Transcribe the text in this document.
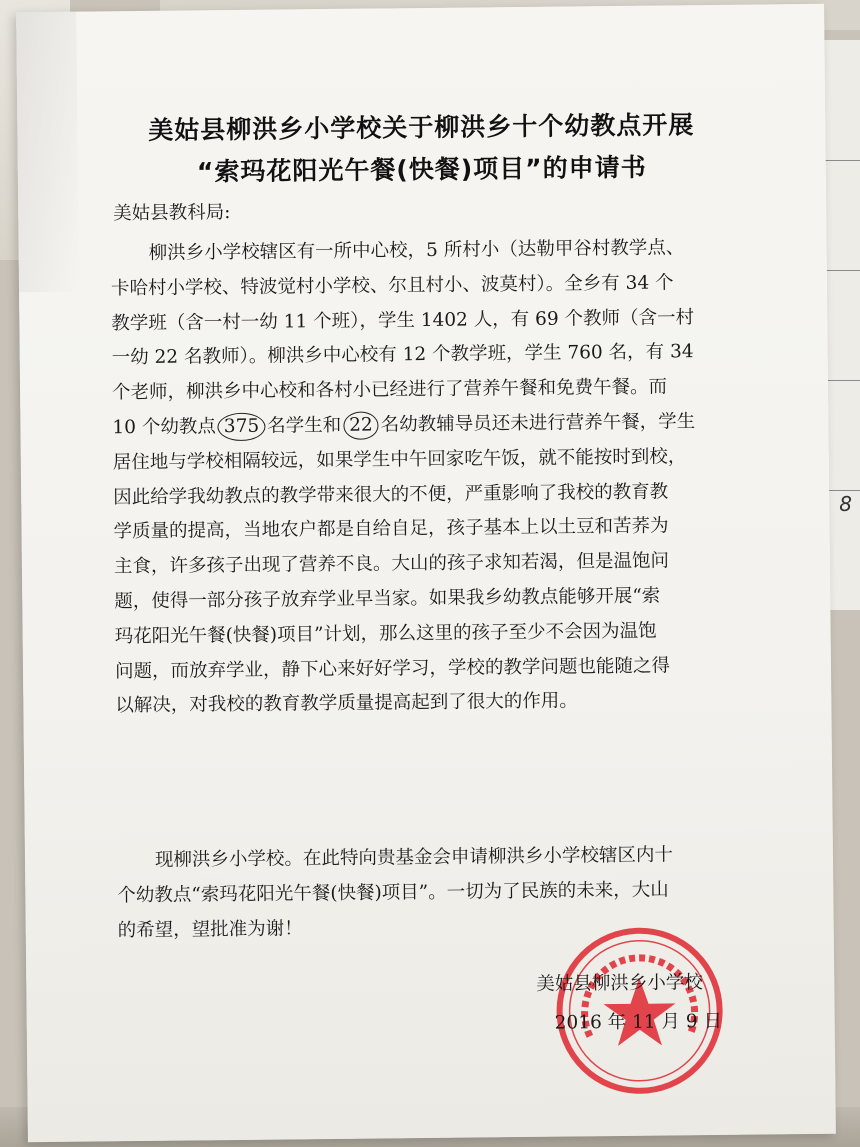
8
美姑县柳洪乡小学校关于柳洪乡十个幼教点开展
“索玛花阳光午餐(快餐)项目”的申请书
美姑县教科局:
柳洪乡小学校辖区有一所中心校，5 所村小（达勒甲谷村教学点、
卡哈村小学校、特波觉村小学校、尔且村小、波莫村）。全乡有 34 个
教学班（含一村一幼 11 个班），学生 1402 人，有 69 个教师（含一村
一幼 22 名教师）。柳洪乡中心校有 12 个教学班，学生 760 名，有 34
个老师，柳洪乡中心校和各村小已经进行了营养午餐和免费午餐。而
10 个幼教点 375 名学生和 22 名幼教辅导员还未进行营养午餐，学生
居住地与学校相隔较远，如果学生中午回家吃午饭，就不能按时到校，
因此给学我幼教点的教学带来很大的不便，严重影响了我校的教育教
学质量的提高，当地农户都是自给自足，孩子基本上以土豆和苦荞为
主食，许多孩子出现了营养不良。大山的孩子求知若渴，但是温饱问
题，使得一部分孩子放弃学业早当家。如果我乡幼教点能够开展“索
玛花阳光午餐(快餐)项目”计划，那么这里的孩子至少不会因为温饱
问题，而放弃学业，静下心来好好学习，学校的教学问题也能随之得
以解决，对我校的教育教学质量提高起到了很大的作用。
现柳洪乡小学校。在此特向贵基金会申请柳洪乡小学校辖区内十
个幼教点“索玛花阳光午餐(快餐)项目”。一切为了民族的未来，大山
的希望，望批准为谢！
美姑县柳洪乡小学校
2016 年 11 月 9 日
